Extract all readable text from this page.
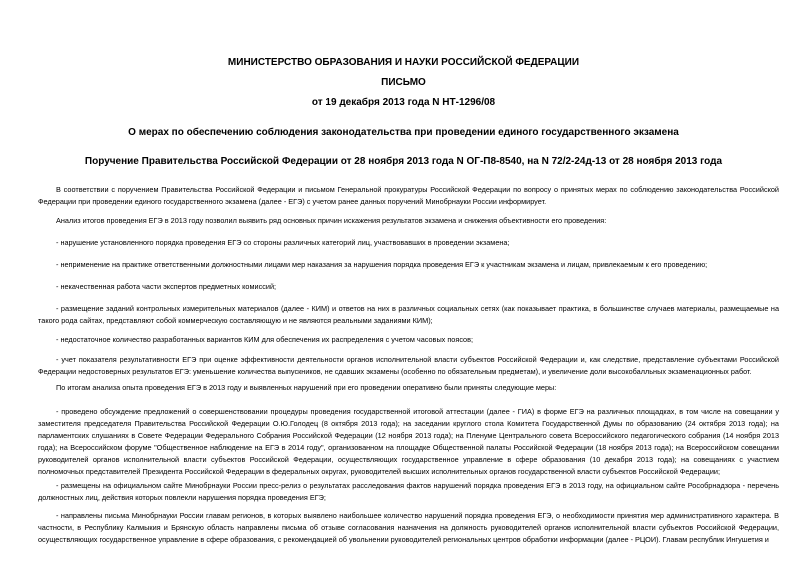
МИНИСТЕРСТВО ОБРАЗОВАНИЯ И НАУКИ РОССИЙСКОЙ ФЕДЕРАЦИИ
ПИСЬМО
от 19 декабря 2013 года N НТ-1296/08
О мерах по обеспечению соблюдения законодательства при проведении единого государственного экзамена
Поручение Правительства Российской Федерации от 28 ноября 2013 года N ОГ-П8-8540, на N 72/2-24д-13 от 28 ноября 2013 года

В соответствии с поручением Правительства Российской Федерации и письмом Генеральной прокуратуры Российской Федерации по вопросу о принятых мерах по соблюдению законодательства Российской Федерации при проведении единого государственного экзамена (далее - ЕГЭ) с учетом ранее данных поручений Минобрнауки России информирует.

Анализ итогов проведения ЕГЭ в 2013 году позволил выявить ряд основных причин искажения результатов экзамена и снижения объективности его проведения:

- нарушение установленного порядка проведения ЕГЭ со стороны различных категорий лиц, участвовавших в проведении экзамена;

- неприменение на практике ответственными должностными лицами мер наказания за нарушения порядка проведения ЕГЭ к участникам экзамена и лицам, привлекаемым к его проведению;

- некачественная работа части экспертов предметных комиссий;

- размещение заданий контрольных измерительных материалов (далее - КИМ) и ответов на них в различных социальных сетях (как показывает практика, в большинстве случаев материалы, размещаемые на такого рода сайтах, представляют собой коммерческую составляющую и не являются реальными заданиями КИМ);

- недостаточное количество разработанных вариантов КИМ для обеспечения их распределения с учетом часовых поясов;

- учет показателя результативности ЕГЭ при оценке эффективности деятельности органов исполнительной власти субъектов Российской Федерации и, как следствие, представление субъектами Российской Федерации недостоверных результатов ЕГЭ: уменьшение количества выпускников, не сдавших экзамены (особенно по обязательным предметам), и увеличение доли высокобалльных экзаменационных работ.

По итогам анализа опыта проведения ЕГЭ в 2013 году и выявленных нарушений при его проведении оперативно были приняты следующие меры:

- проведено обсуждение предложений о совершенствовании процедуры проведения государственной итоговой аттестации (далее - ГИА) в форме ЕГЭ на различных площадках, в том числе на совещании у заместителя председателя Правительства Российской Федерации О.Ю.Голодец (8 октября 2013 года); на заседании круглого стола Комитета Государственной Думы по образованию (24 октября 2013 года); на парламентских слушаниях в Совете Федерации Федерального Собрания Российской Федерации (12 ноября 2013 года); на Пленуме Центрального совета Всероссийского педагогического собрания (14 ноября 2013 года); на Всероссийском форуме "Общественное наблюдение на ЕГЭ в 2014 году", организованном на площадке Общественной палаты Российской Федерации (18 ноября 2013 года); на Всероссийском совещании руководителей органов исполнительной власти субъектов Российской Федерации, осуществляющих государственное управление в сфере образования (10 декабря 2013 года); на совещаниях с участием полномочных представителей Президента Российской Федерации в федеральных округах, руководителей высших исполнительных органов государственной власти субъектов Российской Федерации;

- размещены на официальном сайте Минобрнауки России пресс-релиз о результатах расследования фактов нарушений порядка проведения ЕГЭ в 2013 году, на официальном сайте Рособрнадзора - перечень должностных лиц, действия которых повлекли нарушения порядка проведения ЕГЭ;

- направлены письма Минобрнауки России главам регионов, в которых выявлено наибольшее количество нарушений порядка проведения ЕГЭ, о необходимости принятия мер административного характера. В частности, в Республику Калмыкия и Брянскую область направлены письма об отзыве согласования назначения на должность руководителей органов исполнительной власти субъектов Российской Федерации, осуществляющих государственное управление в сфере образования, с рекомендацией об увольнении руководителей региональных центров обработки информации (далее - РЦОИ). Главам республик Ингушетия и
